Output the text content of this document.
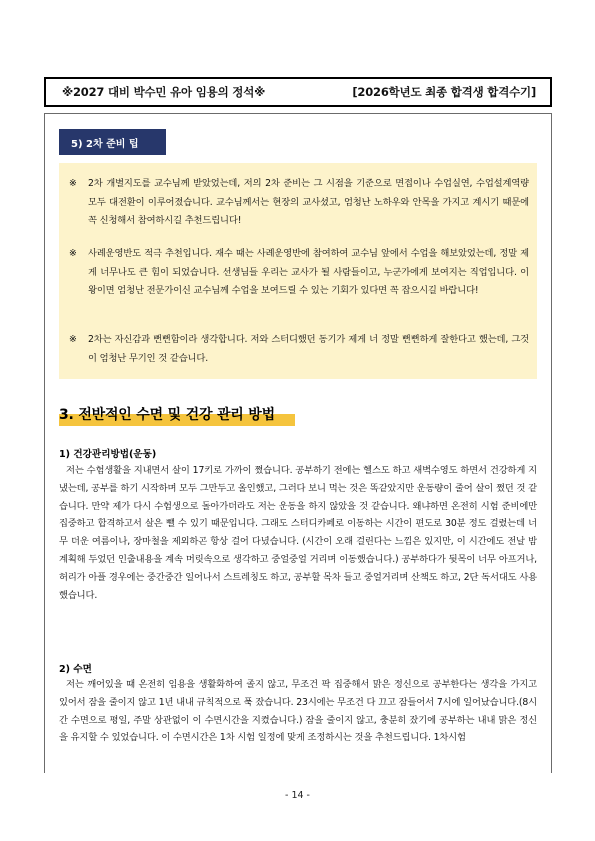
※2027 대비 박수민 유아 임용의 정석※	[2026학년도 최종 합격생 합격수기]
5) 2차 준비 팁
※ 2차 개별지도를 교수님께 받았었는데, 저의 2차 준비는 그 시점을 기준으로 면접이나 수업실연, 수업설계역량 모두 대전환이 이루어졌습니다. 교수님께서는 현장의 교사셨고, 엄청난 노하우와 안목을 가지고 계시기 때문에 꼭 신청해서 참여하시길 추천드립니다!
※ 사례운영반도 적극 추천입니다. 재수 때는 사례운영반에 참여하여 교수님 앞에서 수업을 해보았었는데, 정말 제게 너무나도 큰 힘이 되었습니다. 선생님들 우리는 교사가 될 사람들이고, 누군가에게 보여지는 직업입니다. 이왕이면 엄청난 전문가이신 교수님께 수업을 보여드릴 수 있는 기회가 있다면 꼭 잡으시길 바랍니다!
※ 2차는 자신감과 뻔뻔함이라 생각합니다. 저와 스터디했던 동기가 제게 너 정말 뻔뻔하게 잘한다고 했는데, 그것이 엄청난 무기인 것 같습니다.
3. 전반적인 수면 및 건강 관리 방법
1) 건강관리방법(운동)
저는 수험생활을 지내면서 살이 17키로 가까이 쪘습니다. 공부하기 전에는 헬스도 하고 새벽수영도 하면서 건강하게 지냈는데, 공부를 하기 시작하며 모두 그만두고 올인했고, 그러다 보니 먹는 것은 똑같았지만 운동량이 줄어 살이 쪘던 것 같습니다. 만약 제가 다시 수험생으로 돌아가더라도 저는 운동을 하지 않았을 것 같습니다. 왜냐하면 온전히 시험 준비에만 집중하고 합격하고서 살은 뺄 수 있기 때문입니다. 그래도 스터디카페로 이동하는 시간이 편도로 30분 정도 걸렸는데 너무 더운 여름이나, 장마철을 제외하곤 항상 걸어 다녔습니다. (시간이 오래 걸린다는 느낌은 있지만, 이 시간에도 전날 밤 계획해 두었던 인출내용을 계속 머릿속으로 생각하고 중얼중얼 거리며 이동했습니다.) 공부하다가 뒷목이 너무 아프거나, 허리가 아플 경우에는 중간중간 일어나서 스트레칭도 하고, 공부할 목차 들고 중얼거리며 산책도 하고, 2단 독서대도 사용했습니다.
2) 수면
저는 깨어있을 때 온전히 임용을 생활화하여 졸지 않고, 무조건 팍 집중해서 맑은 정신으로 공부한다는 생각을 가지고 있어서 잠을 줄이지 않고 1년 내내 규칙적으로 푹 잤습니다. 23시에는 무조건 다 끄고 잠들어서 7시에 일어났습니다.(8시간 수면으로 평일, 주말 상관없이 이 수면시간을 지켰습니다.) 잠을 줄이지 않고, 충분히 잤기에 공부하는 내내 맑은 정신을 유지할 수 있었습니다. 이 수면시간은 1차 시험 일정에 맞게 조정하시는 것을 추천드립니다. 1차시험
- 14 -
